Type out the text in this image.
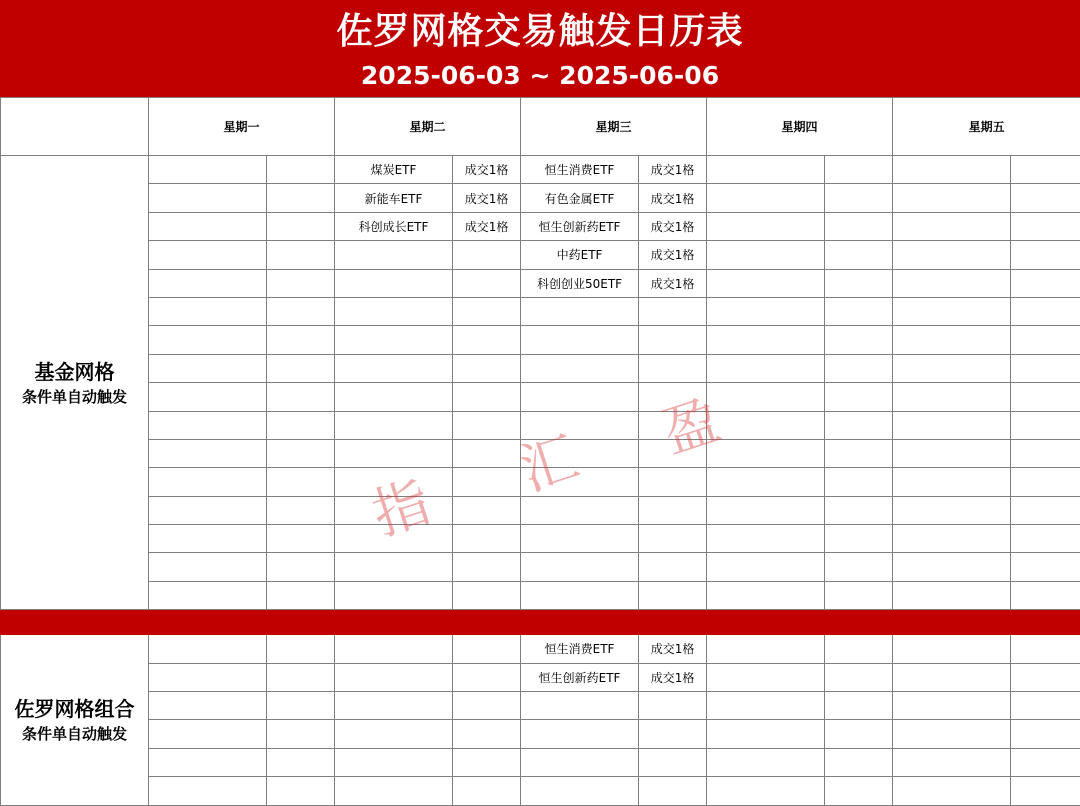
佐罗网格交易触发日历表
2025-06-03 ~ 2025-06-06
	星期一		星期二		星期三		星期四		星期五	

基金网格
条件单自动触发			煤炭ETF	成交1格	恒生消费ETF	成交1格				
			新能车ETF	成交1格	有色金属ETF	成交1格				
			科创成长ETF	成交1格	恒生创新药ETF	成交1格				
					中药ETF	成交1格				
					科创创业50ETF	成交1格				

佐罗网格组合
条件单自动触发					恒生消费ETF	成交1格				
					恒生创新药ETF	成交1格				

指
汇 盈
